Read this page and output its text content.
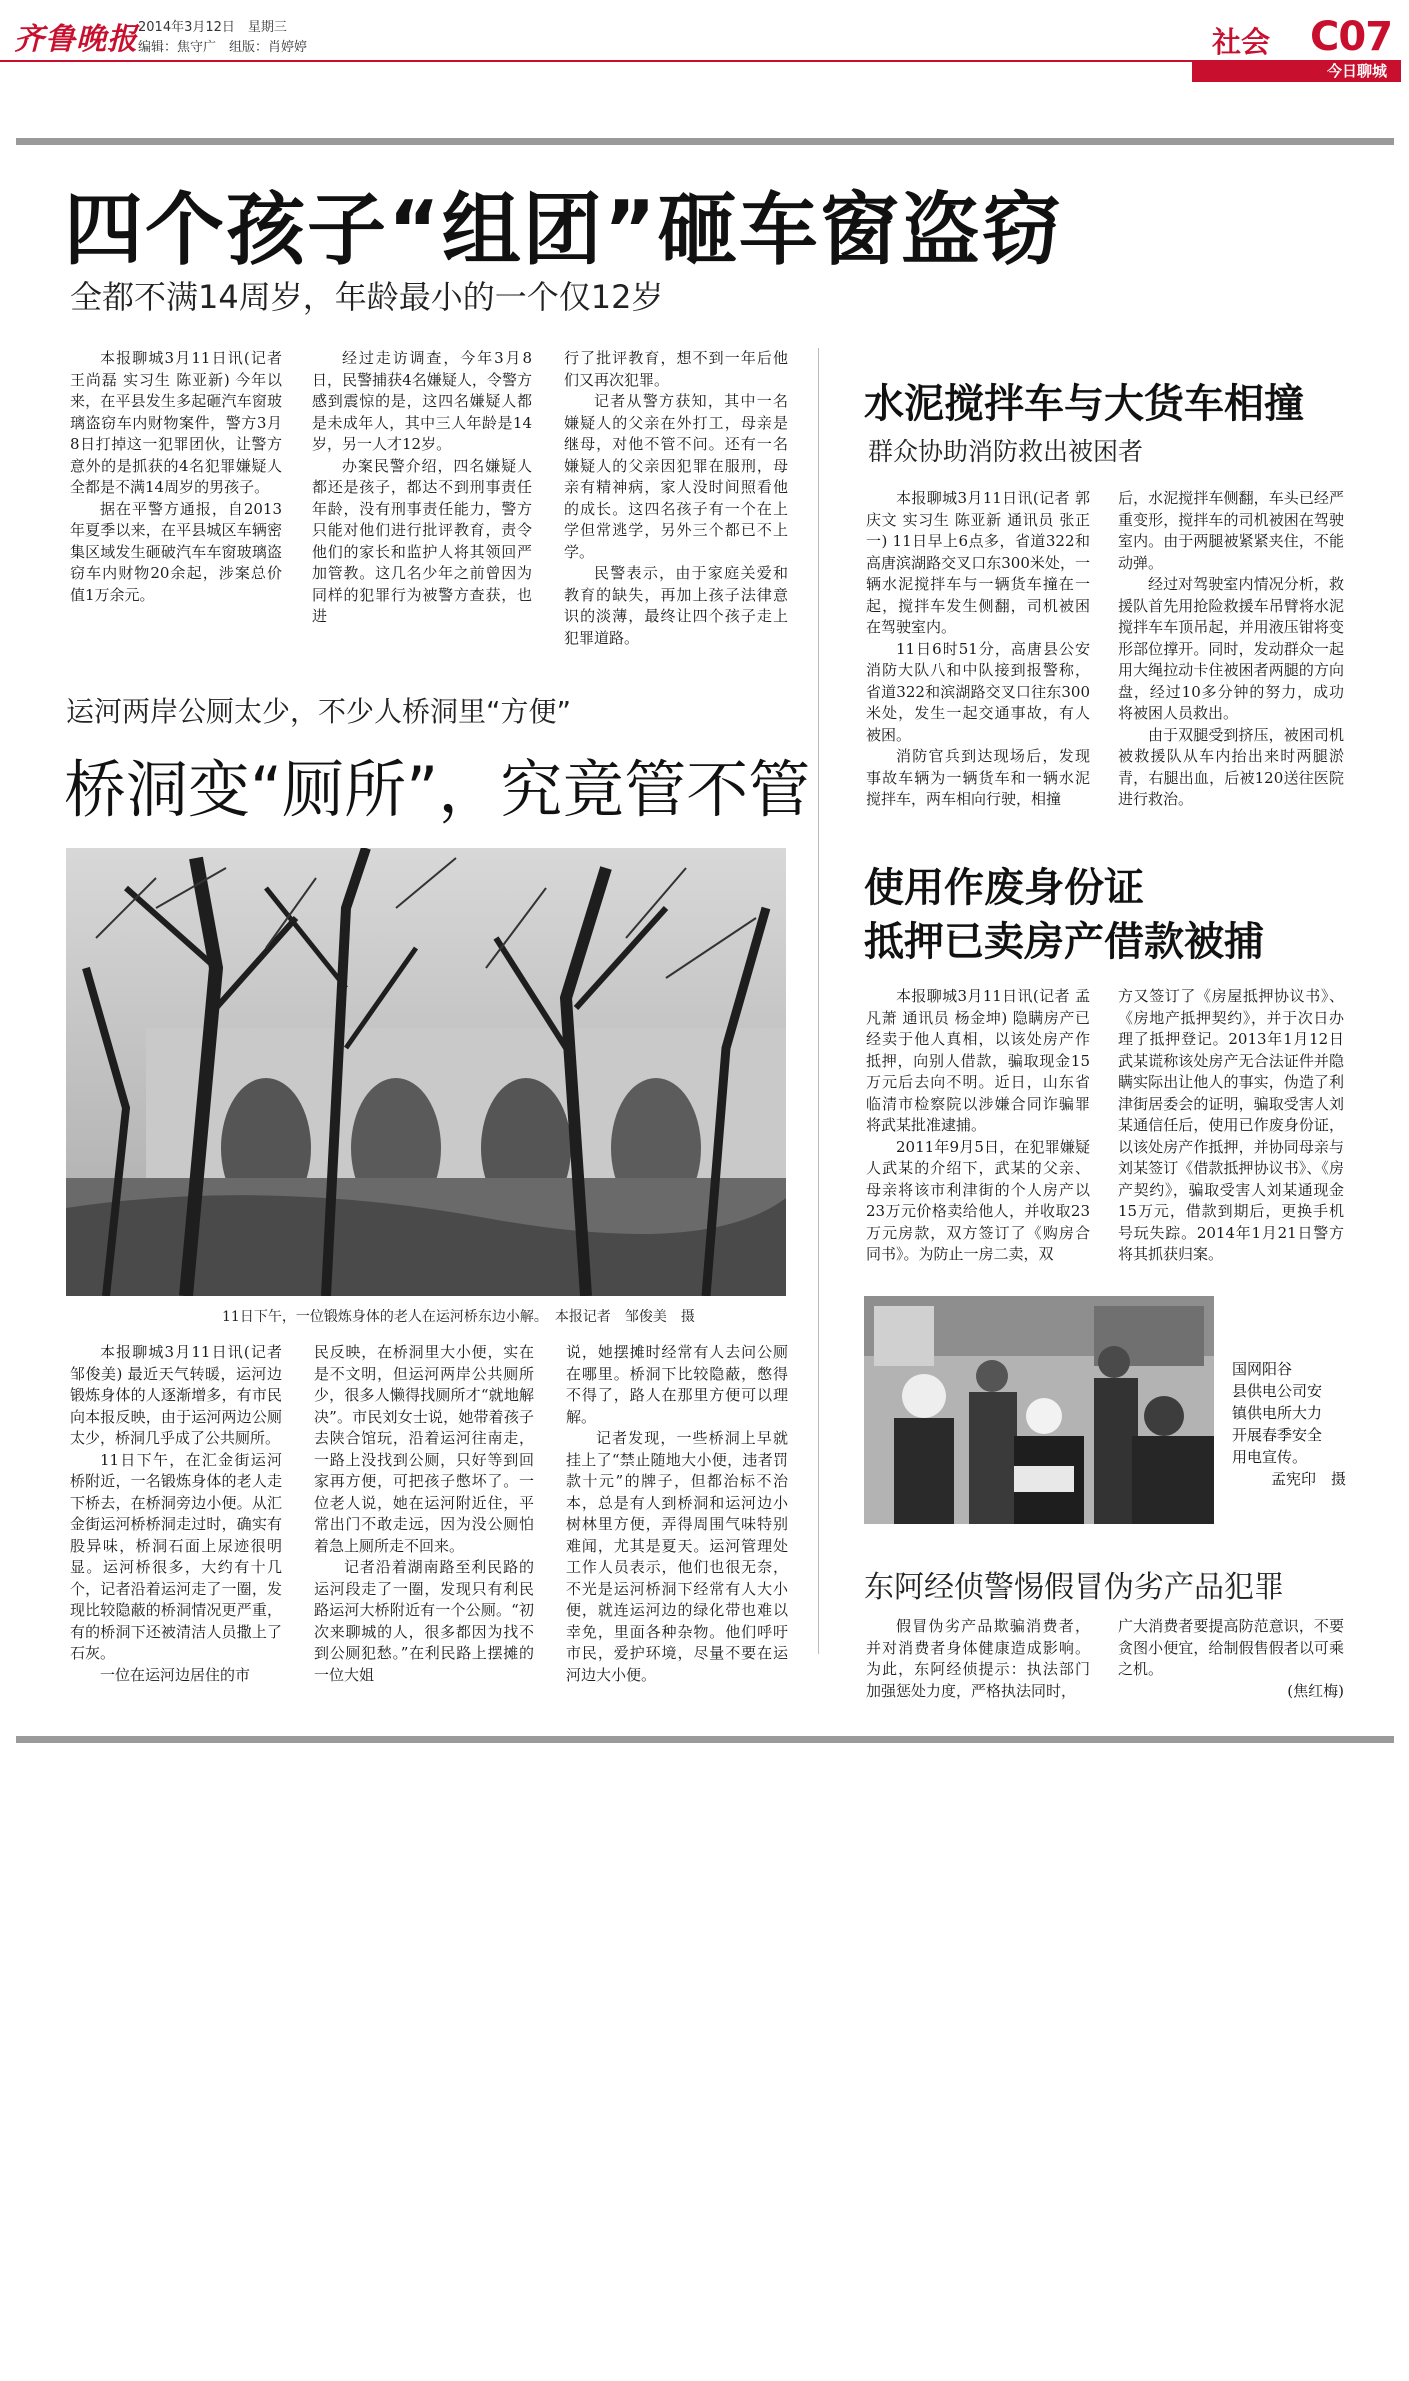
齐鲁晚报 2014年3月12日　星期三
编辑：焦守广　组版：肖婷婷	社会 C07
今日聊城
四个孩子“组团”砸车窗盗窃
全都不满14周岁，年龄最小的一个仅12岁

本报聊城3月11日讯(记者 王尚磊 实习生 陈亚新) 今年以来，在平县发生多起砸汽车窗玻璃盗窃车内财物案件，警方3月8日打掉这一犯罪团伙，让警方意外的是抓获的4名犯罪嫌疑人全都是不满14周岁的男孩子。

据在平警方通报，自2013年夏季以来，在平县城区车辆密集区域发生砸破汽车车窗玻璃盗窃车内财物20余起，涉案总价值1万余元。

经过走访调查，今年3月8日，民警捕获4名嫌疑人，令警方感到震惊的是，这四名嫌疑人都是未成年人，其中三人年龄是14岁，另一人才12岁。

办案民警介绍，四名嫌疑人都还是孩子，都达不到刑事责任年龄，没有刑事责任能力，警方只能对他们进行批评教育，责令他们的家长和监护人将其领回严加管教。这几名少年之前曾因为同样的犯罪行为被警方查获，也进

行了批评教育，想不到一年后他们又再次犯罪。

记者从警方获知，其中一名嫌疑人的父亲在外打工，母亲是继母，对他不管不问。还有一名嫌疑人的父亲因犯罪在服刑，母亲有精神病，家人没时间照看他的成长。这四名孩子有一个在上学但常逃学，另外三个都已不上学。

民警表示，由于家庭关爱和教育的缺失，再加上孩子法律意识的淡薄，最终让四个孩子走上犯罪道路。

运河两岸公厕太少，不少人桥洞里“方便”
桥洞变“厕所”，究竟管不管
11日下午，一位锻炼身体的老人在运河桥东边小解。　本报记者　邹俊美　摄

本报聊城3月11日讯(记者 邹俊美) 最近天气转暖，运河边锻炼身体的人逐渐增多，有市民向本报反映，由于运河两边公厕太少，桥洞几乎成了公共厕所。

11日下午，在汇金街运河桥附近，一名锻炼身体的老人走下桥去，在桥洞旁边小便。从汇金街运河桥桥洞走过时，确实有股异味，桥洞石面上尿迹很明显。运河桥很多，大约有十几个，记者沿着运河走了一圈，发现比较隐蔽的桥洞情况更严重，有的桥洞下还被清洁人员撒上了石灰。

一位在运河边居住的市

民反映，在桥洞里大小便，实在是不文明，但运河两岸公共厕所少，很多人懒得找厕所才“就地解决”。市民刘女士说，她带着孩子去陕合馆玩，沿着运河往南走，一路上没找到公厕，只好等到回家再方便，可把孩子憋坏了。一位老人说，她在运河附近住，平常出门不敢走远，因为没公厕怕着急上厕所走不回来。

记者沿着湖南路至利民路的运河段走了一圈，发现只有利民路运河大桥附近有一个公厕。“初次来聊城的人，很多都因为找不到公厕犯愁。”在利民路上摆摊的一位大姐

说，她摆摊时经常有人去问公厕在哪里。桥洞下比较隐蔽，憋得不得了，路人在那里方便可以理解。

记者发现，一些桥洞上早就挂上了“禁止随地大小便，违者罚款十元”的牌子，但都治标不治本，总是有人到桥洞和运河边小树林里方便，弄得周围气味特别难闻，尤其是夏天。运河管理处工作人员表示，他们也很无奈，不光是运河桥洞下经常有人大小便，就连运河边的绿化带也难以幸免，里面各种杂物。他们呼吁市民，爱护环境，尽量不要在运河边大小便。

水泥搅拌车与大货车相撞
群众协助消防救出被困者

本报聊城3月11日讯(记者 郭庆文 实习生 陈亚新 通讯员 张正一) 11日早上6点多，省道322和高唐滨湖路交叉口东300米处，一辆水泥搅拌车与一辆货车撞在一起，搅拌车发生侧翻，司机被困在驾驶室内。

11日6时51分，高唐县公安消防大队八和中队接到报警称，省道322和滨湖路交叉口往东300米处，发生一起交通事故，有人被困。

消防官兵到达现场后，发现事故车辆为一辆货车和一辆水泥搅拌车，两车相向行驶，相撞

后，水泥搅拌车侧翻，车头已经严重变形，搅拌车的司机被困在驾驶室内。由于两腿被紧紧夹住，不能动弹。

经过对驾驶室内情况分析，救援队首先用抢险救援车吊臂将水泥搅拌车车顶吊起，并用液压钳将变形部位撑开。同时，发动群众一起用大绳拉动卡住被困者两腿的方向盘，经过10多分钟的努力，成功将被困人员救出。

由于双腿受到挤压，被困司机被救援队从车内抬出来时两腿淤青，右腿出血，后被120送往医院进行救治。

使用作废身份证
抵押已卖房产借款被捕

本报聊城3月11日讯(记者 孟凡萧 通讯员 杨金坤) 隐瞒房产已经卖于他人真相，以该处房产作抵押，向别人借款，骗取现金15万元后去向不明。近日，山东省临清市检察院以涉嫌合同诈骗罪将武某批准逮捕。

2011年9月5日，在犯罪嫌疑人武某的介绍下，武某的父亲、母亲将该市利津街的个人房产以23万元价格卖给他人，并收取23万元房款，双方签订了《购房合同书》。为防止一房二卖，双

方又签订了《房屋抵押协议书》、《房地产抵押契约》，并于次日办理了抵押登记。2013年1月12日武某谎称该处房产无合法证件并隐瞒实际出让他人的事实，伪造了利津街居委会的证明，骗取受害人刘某通信任后，使用已作废身份证，以该处房产作抵押，并协同母亲与刘某签订《借款抵押协议书》、《房产契约》，骗取受害人刘某通现金15万元，借款到期后，更换手机号玩失踪。2014年1月21日警方将其抓获归案。

国网阳谷
县供电公司安
镇供电所大力
开展春季安全
用电宣传。
孟宪印　摄
东阿经侦警惕假冒伪劣产品犯罪

假冒伪劣产品欺骗消费者，并对消费者身体健康造成影响。为此，东阿经侦提示：执法部门加强惩处力度，严格执法同时，

广大消费者要提高防范意识，不要贪图小便宜，给制假售假者以可乘之机。

(焦红梅)
